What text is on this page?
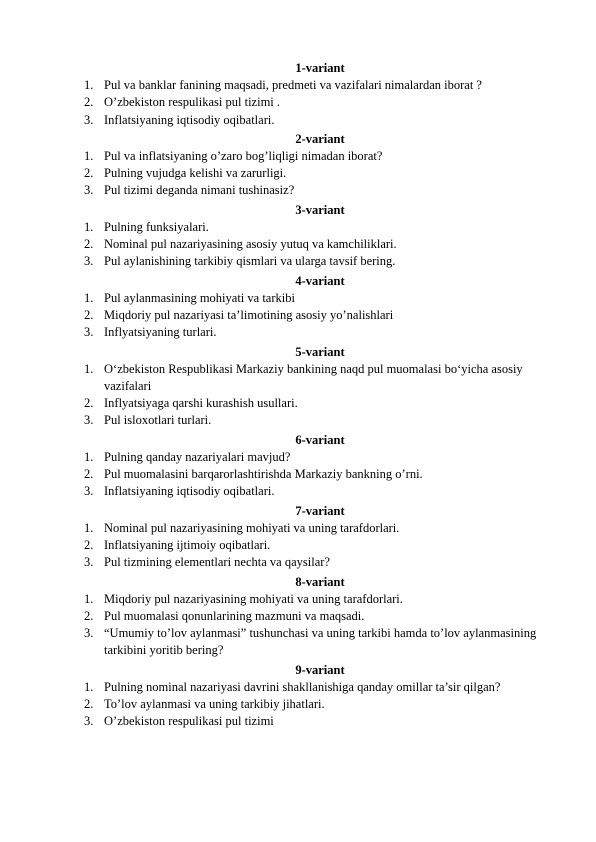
1-variant
1. Pul va banklar fanining maqsadi, predmeti va vazifalari nimalardan iborat ?
2. O’zbekiston respulikasi pul tizimi .
3. Inflatsiyaning iqtisodiy oqibatlari.
2-variant
1. Pul va inflatsiyaning o’zaro bog’liqligi nimadan iborat?
2. Pulning vujudga kelishi va zarurligi.
3. Pul tizimi deganda nimani tushinasiz?
3-variant
1. Pulning funksiyalari.
2. Nominal pul nazariyasining asosiy yutuq va kamchiliklari.
3. Pul aylanishining tarkibiy qismlari va ularga tavsif bering.
4-variant
1. Pul aylanmasining mohiyati va tarkibi
2. Miqdoriy pul nazariyasi ta’limotining asosiy yo’nalishlari
3. Inflyatsiyaning turlari.
5-variant
1. O‘zbekiston Respublikasi Markaziy bankining naqd pul muomalasi bo‘yicha asosiy vazifalari
2. Inflyatsiyaga qarshi kurashish usullari.
3. Pul isloxotlari turlari.
6-variant
1. Pulning qanday nazariyalari mavjud?
2. Pul muomalasini barqarorlashtirishda Markaziy bankning o’rni.
3. Inflatsiyaning iqtisodiy oqibatlari.
7-variant
1. Nominal pul nazariyasining mohiyati va uning tarafdorlari.
2. Inflatsiyaning ijtimoiy oqibatlari.
3. Pul tizmining elementlari nechta va qaysilar?
8-variant
1. Miqdoriy pul nazariyasining mohiyati va uning tarafdorlari.
2. Pul muomalasi qonunlarining mazmuni va maqsadi.
3. “Umumiy to’lov aylanmasi” tushunchasi va uning tarkibi hamda to’lov aylanmasining tarkibini yoritib bering?
9-variant
1. Pulning nominal nazariyasi davrini shakllanishiga qanday omillar ta’sir qilgan?
2. To’lov aylanmasi va uning tarkibiy jihatlari.
3. O’zbekiston respulikasi pul tizimi
